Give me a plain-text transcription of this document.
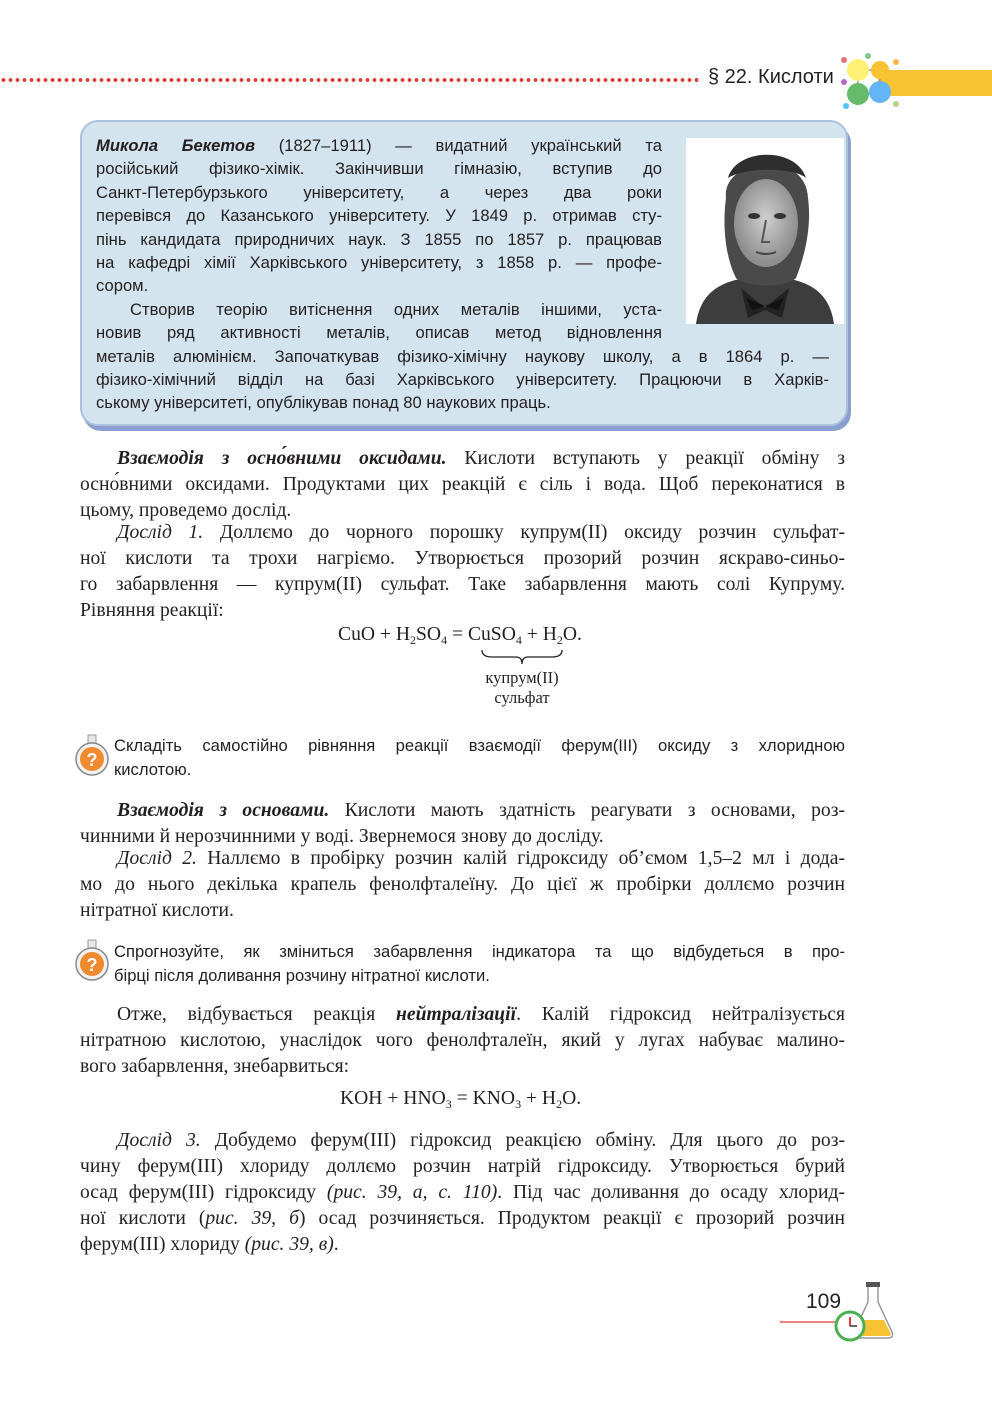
§ 22. Кислоти
Микола Бекетов (1827–1911) — видатний український та
російський фізико-хімік. Закінчивши гімназію, вступив до
Санкт-Петербурзького університету, а через два роки
перевівся до Казанського університету. У 1849 р. отримав сту-
пінь кандидата природничих наук. З 1855 по 1857 р. працював
на кафедрі хімії Харківського університету, з 1858 р. — профе-
сором.
Створив теорію витіснення одних металів іншими, уста-
новив ряд активності металів, описав метод відновлення
металів алюмінієм. Започаткував фізико-хімічну наукову школу, а в 1864 р. —
фізико-хімічний відділ на базі Харківського університету. Працюючи в Харків-
ському університеті, опублікував понад 80 наукових праць.
Взаємодія з осно́вними оксидами. Кислоти вступають у реакції обміну з
осно́вними оксидами. Продуктами цих реакцій є сіль і вода. Щоб переконатися в
цьому, проведемо дослід.
Дослід 1. Доллємо до чорного порошку купрум(II) оксиду розчин сульфат-
ної кислоти та трохи нагріємо. Утворюється прозорий розчин яскраво-синьо-
го забарвлення — купрум(II) сульфат. Таке забарвлення мають солі Купруму.
Рівняння реакції:
CuO + $H_2SO_4$ = CuSO$_4$ + $H_2O$.
купрум(II)
сульфат
?
Складіть самостійно рівняння реакції взаємодії ферум(III) оксиду з хлоридною
кислотою.
Взаємодія з основами. Кислоти мають здатність реагувати з основами, роз-
чинними й нерозчинними у воді. Звернемося знову до досліду.
Дослід 2. Наллємо в пробірку розчин калій гідроксиду об’ємом 1,5–2 мл і дода-
мо до нього декілька крапель фенолфталеїну. До цієї ж пробірки доллємо розчин
нітратної кислоти.
?
Спрогнозуйте, як зміниться забарвлення індикатора та що відбудеться в про-
бірці після доливання розчину нітратної кислоти.
Отже, відбувається реакція нейтралізації. Калій гідроксид нейтралізується
нітратною кислотою, унаслідок чого фенолфталеїн, який у лугах набуває малино-
вого забарвлення, знебарвиться:
KOH + $HNO_3 = KNO_3 + H_2O$.
Дослід 3. Добудемо ферум(III) гідроксид реакцією обміну. Для цього до роз-
чину ферум(III) хлориду доллємо розчин натрій гідроксиду. Утворюється бурий
осад ферум(III) гідроксиду (рис. 39, а, с. 110). Під час доливання до осаду хлорид-
ної кислоти (рис. 39, б) осад розчиняється. Продуктом реакції є прозорий розчин
ферум(III) хлориду (рис. 39, в).
109
